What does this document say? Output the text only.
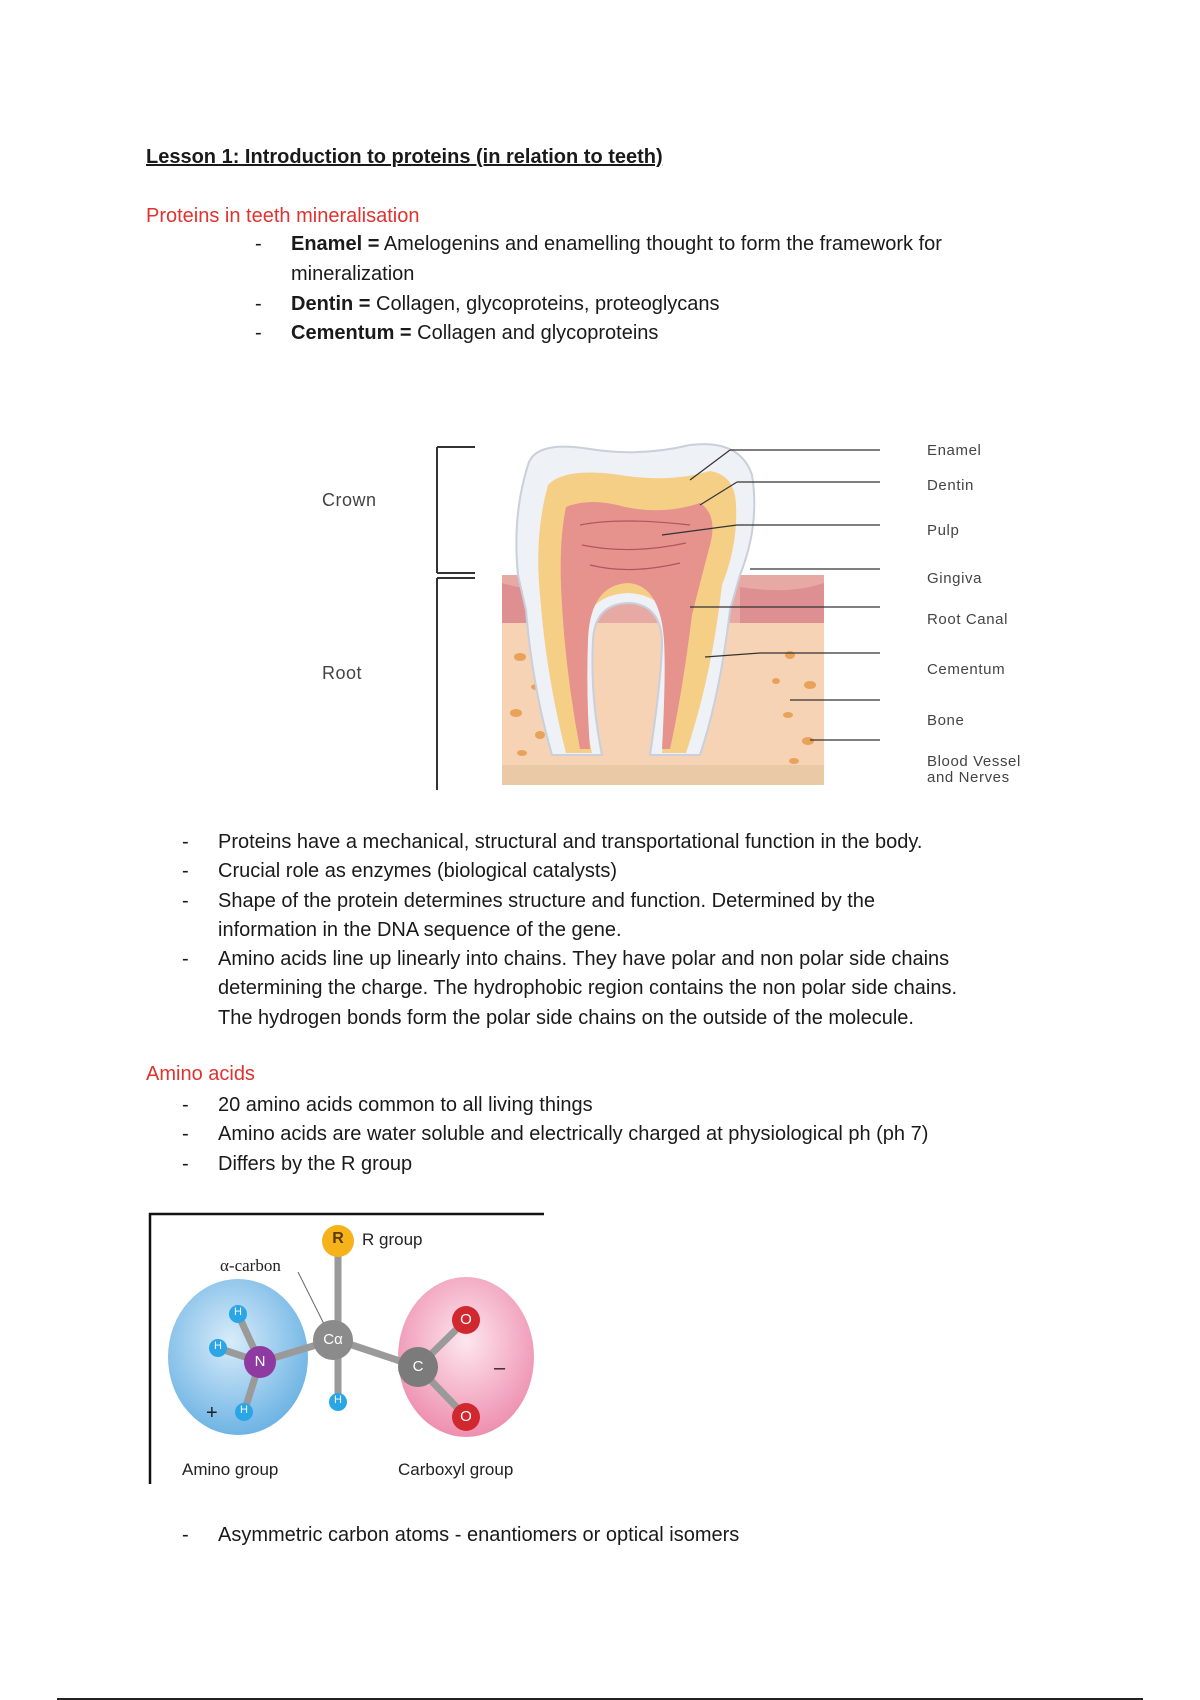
Lesson 1: Introduction to proteins (in relation to teeth)
Proteins in teeth mineralisation
- Enamel = Amelogenins and enamelling thought to form the framework for
mineralization
- Dentin = Collagen, glycoproteins, proteoglycans
- Cementum = Collagen and glycoproteins
Crown
Root
Enamel
Dentin
Pulp
Gingiva
Root Canal
Cementum
Bone
Blood Vessel
and Nerves
- Proteins have a mechanical, structural and transportational function in the body.
- Crucial role as enzymes (biological catalysts)
- Shape of the protein determines structure and function. Determined by the
information in the DNA sequence of the gene.
- Amino acids line up linearly into chains. They have polar and non polar side chains
determining the charge. The hydrophobic region contains the non polar side chains.
The hydrogen bonds form the polar side chains on the outside of the molecule.
Amino acids
- 20 amino acids common to all living things
- Amino acids are water soluble and electrically charged at physiological ph (ph 7)
- Differs by the R group
R R group
α-carbon
Cα
N	C
O
O
H
H
H
H
+
–
Amino group	Carboxyl group
- Asymmetric carbon atoms - enantiomers or optical isomers
